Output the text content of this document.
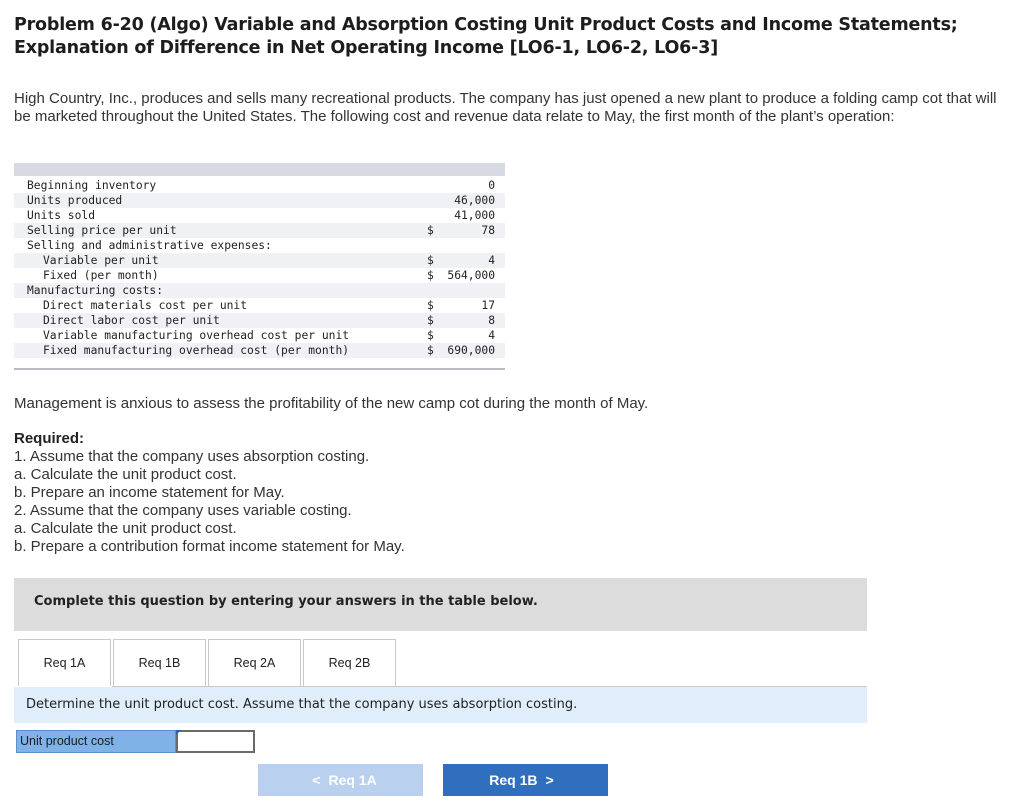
Problem 6-20 (Algo) Variable and Absorption Costing Unit Product Costs and Income Statements;
Explanation of Difference in Net Operating Income [LO6-1, LO6-2, LO6-3]
High Country, Inc., produces and sells many recreational products. The company has just opened a new plant to produce a folding camp cot that will be marketed throughout the United States. The following cost and revenue data relate to May, the first month of the plant’s operation:
Beginning inventory	0
Units produced	46,000
Units sold	41,000
Selling price per unit	$	78
Selling and administrative expenses:
Variable per unit	$	4
Fixed (per month)	$ 564,000
Manufacturing costs:
Direct materials cost per unit	$	17
Direct labor cost per unit	$	8
Variable manufacturing overhead cost per unit	$	4
Fixed manufacturing overhead cost (per month)	$ 690,000
Management is anxious to assess the profitability of the new camp cot during the month of May.
Required:
1. Assume that the company uses absorption costing.
a. Calculate the unit product cost.
b. Prepare an income statement for May.
2. Assume that the company uses variable costing.
a. Calculate the unit product cost.
b. Prepare a contribution format income statement for May.
Complete this question by entering your answers in the table below.
Req 1A	Req 1B	Req 2A	Req 2B
Determine the unit product cost. Assume that the company uses absorption costing.
Unit product cost
< Req 1A	Req 1B >
